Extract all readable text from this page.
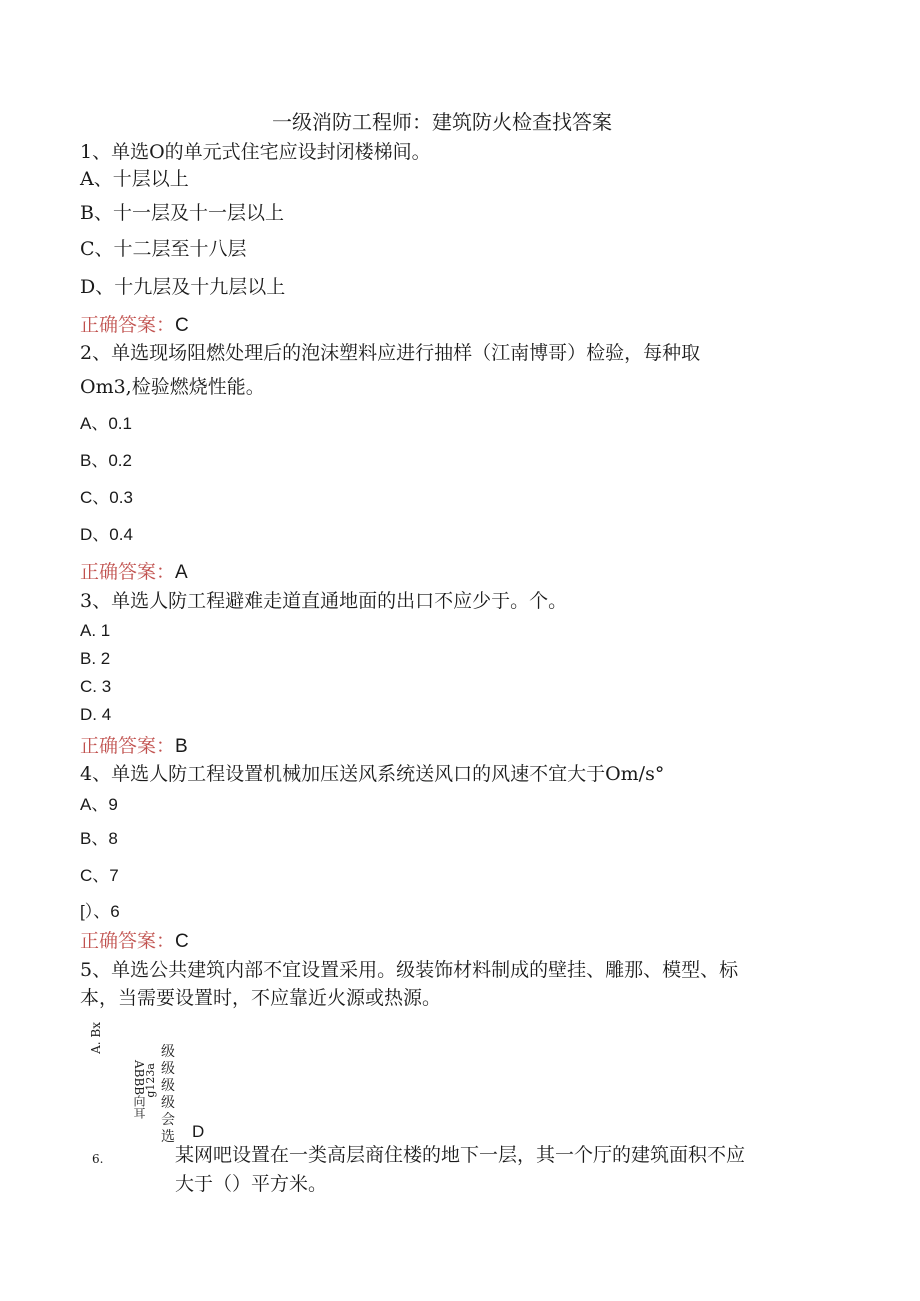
一级消防工程师：建筑防火检查找答案
1、单选O的单元式住宅应设封闭楼梯间。
A、十层以上
B、十一层及十一层以上
C、十二层至十八层
D、十九层及十九层以上
正确答案：C
2、单选现场阻燃处理后的泡沫塑料应进行抽样（江南博哥）检验，每种取
Om3,检验燃烧性能。
A、0.1
B、0.2
C、0.3
D、0.4
正确答案：A
3、单选人防工程避难走道直通地面的出口不应少于。个。
A. 1
B. 2
C. 3
D. 4
正确答案：B
4、单选人防工程设置机械加压送风系统送风口的风速不宜大于Om∕s°
A、9
B、8
C、7
[）、6
正确答案：C
5、单选公共建筑内部不宜设置采用。级装饰材料制成的壁挂、雕那、模型、标
本，当需要设置时，不应靠近火源或热源。
A. Bx
ABBB向耳
g123a
级级级级会选 D
6.	某网吧设置在一类高层商住楼的地下一层，其一个厅的建筑面积不应
大于（）平方米。
